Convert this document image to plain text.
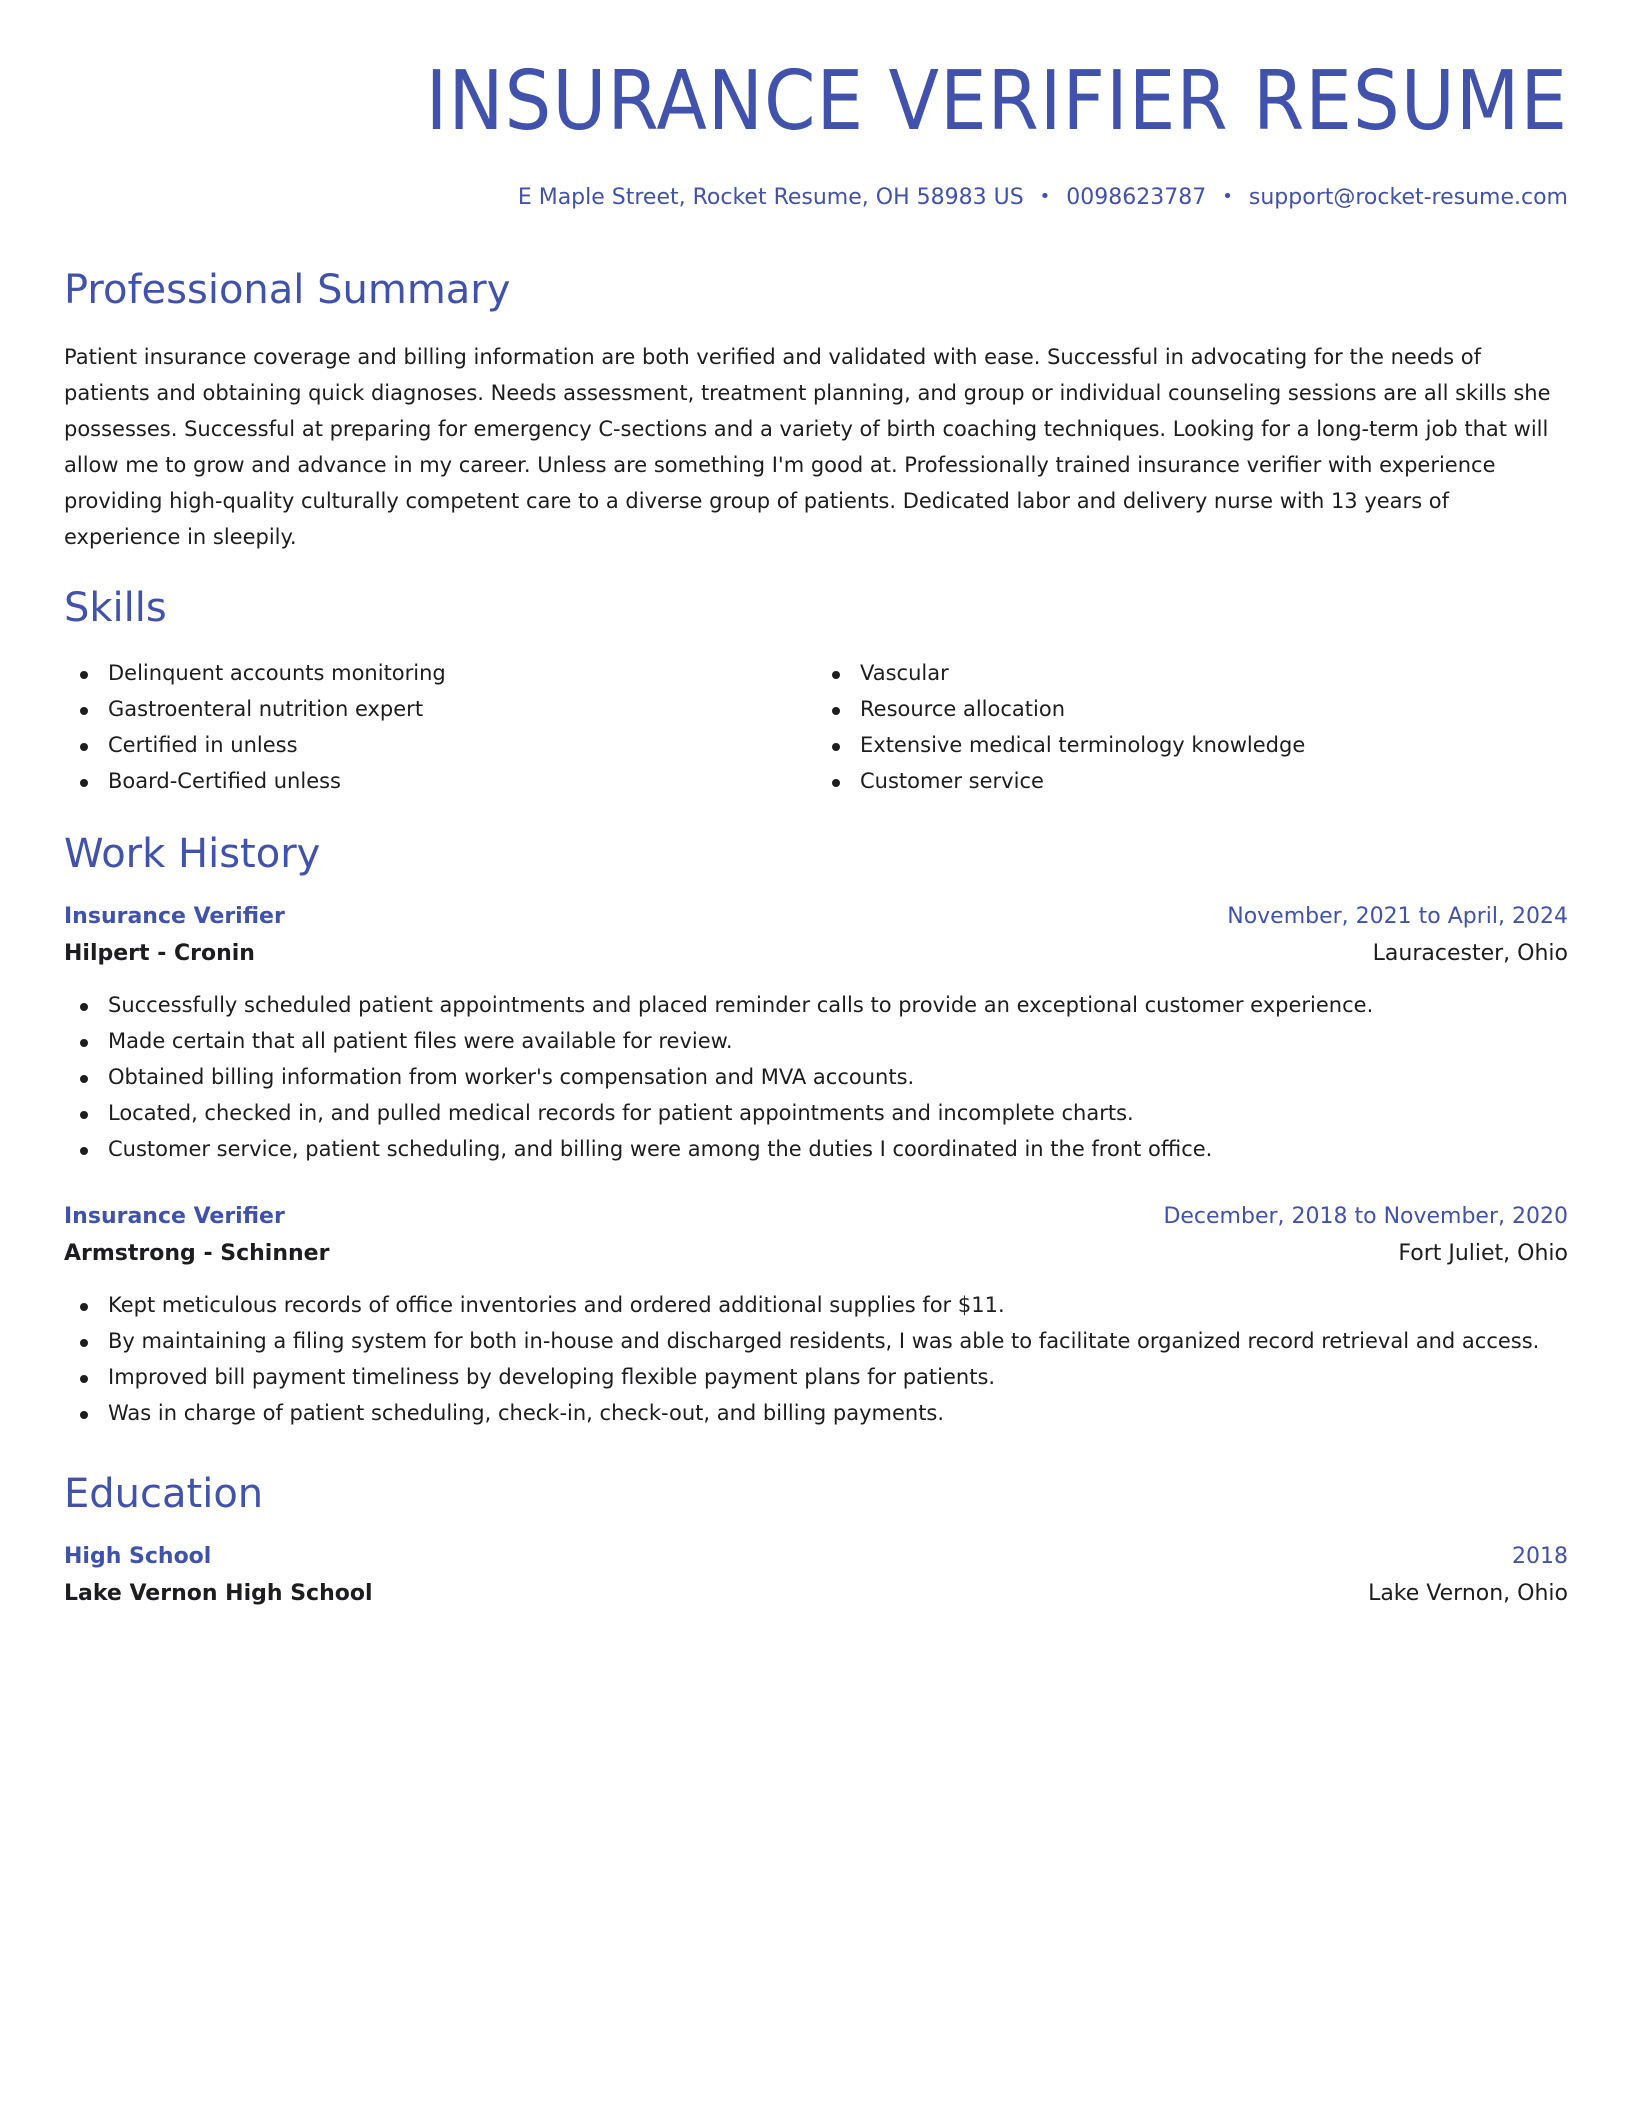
INSURANCE VERIFIER RESUME
E Maple Street, Rocket Resume, OH 58983 US • 0098623787 • support@rocket-resume.com
Professional Summary

Patient insurance coverage and billing information are both verified and validated with ease. Successful in advocating for the needs of patients and obtaining quick diagnoses. Needs assessment, treatment planning, and group or individual counseling sessions are all skills she possesses. Successful at preparing for emergency C-sections and a variety of birth coaching techniques. Looking for a long-term job that will allow me to grow and advance in my career. Unless are something I'm good at. Professionally trained insurance verifier with experience providing high-quality culturally competent care to a diverse group of patients. Dedicated labor and delivery nurse with 13 years of experience in sleepily.

Skills
Delinquent accounts monitoring
Gastroenteral nutrition expert
Certified in unless
Board-Certified unless
Vascular
Resource allocation
Extensive medical terminology knowledge
Customer service
Work History
Insurance Verifier	November, 2021 to April, 2024
Hilpert - Cronin	Lauracester, Ohio
Successfully scheduled patient appointments and placed reminder calls to provide an exceptional customer experience.
Made certain that all patient files were available for review.
Obtained billing information from worker's compensation and MVA accounts.
Located, checked in, and pulled medical records for patient appointments and incomplete charts.
Customer service, patient scheduling, and billing were among the duties I coordinated in the front office.
Insurance Verifier	December, 2018 to November, 2020
Armstrong - Schinner	Fort Juliet, Ohio
Kept meticulous records of office inventories and ordered additional supplies for $11.
By maintaining a filing system for both in-house and discharged residents, I was able to facilitate organized record retrieval and access.
Improved bill payment timeliness by developing flexible payment plans for patients.
Was in charge of patient scheduling, check-in, check-out, and billing payments.
Education
High School	2018
Lake Vernon High School	Lake Vernon, Ohio
